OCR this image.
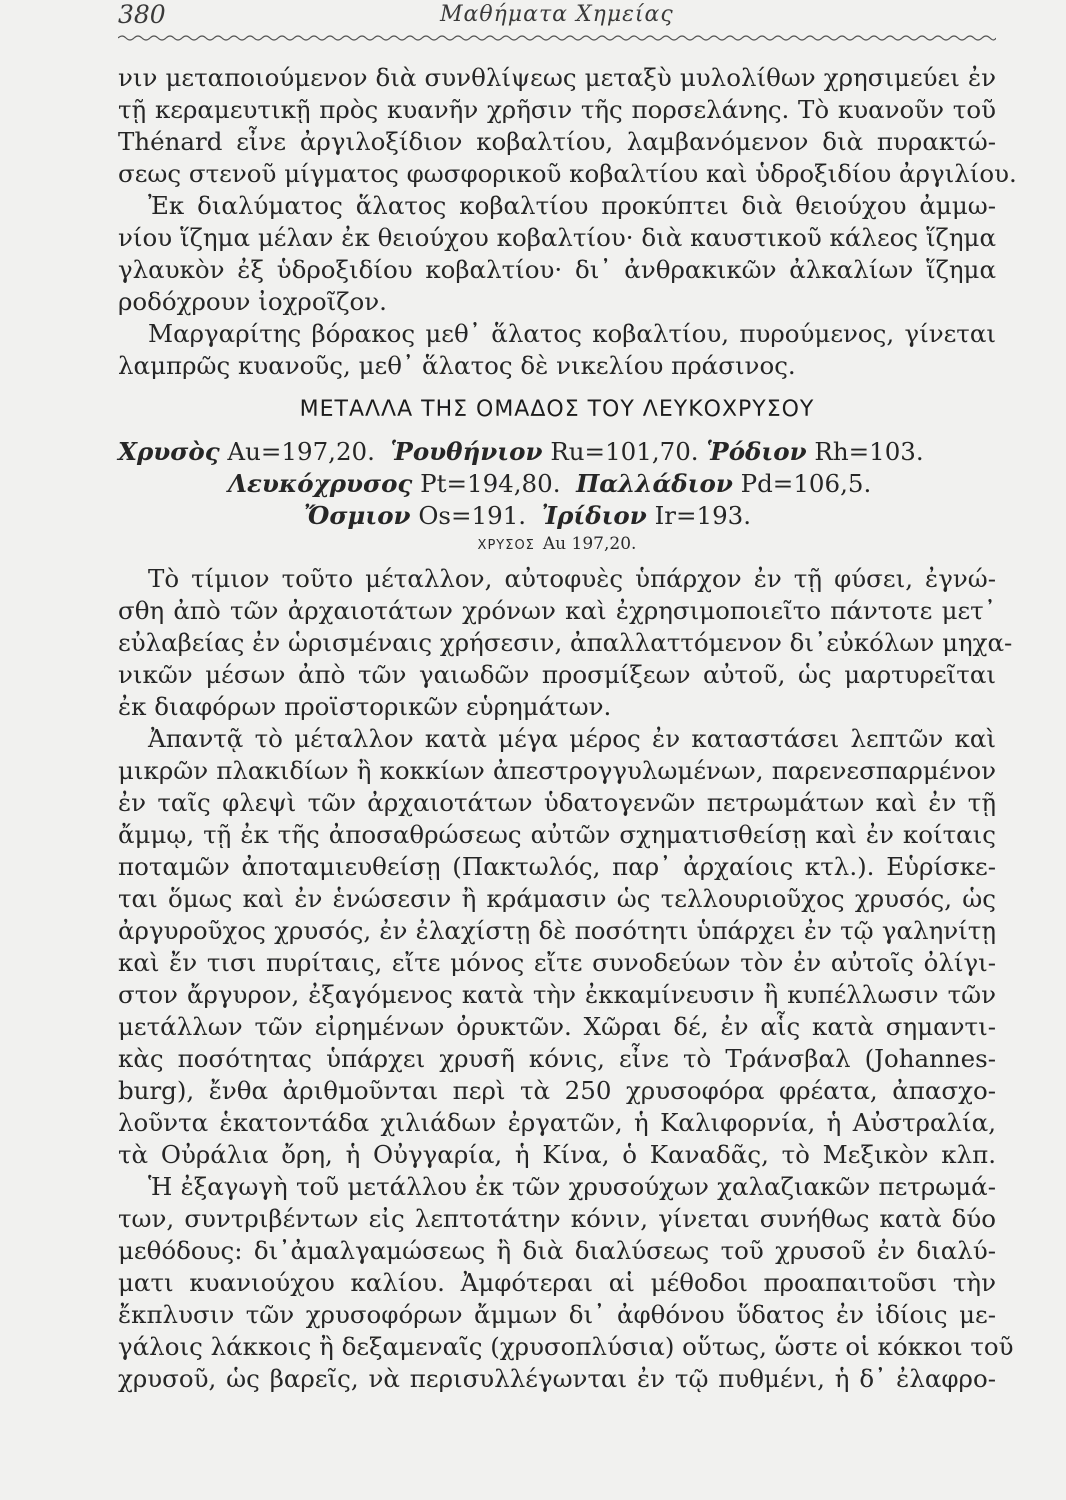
380	Μαθήματα Χημείας
νιν μεταποιούμενον διὰ συνθλίψεως μεταξὺ μυλολίθων χρησιμεύει ἐν
τῇ κεραμευτικῇ πρὸς κυανῆν χρῆσιν τῆς πορσελάνης. Τὸ κυανοῦν τοῦ
Thénard εἶνε ἀργιλοξίδιον κοβαλτίου, λαμβανόμενον διὰ πυρακτώ-
σεως στενοῦ μίγματος φωσφορικοῦ κοβαλτίου καὶ ὑδροξιδίου ἀργιλίου.
Ἐκ διαλύματος ἅλατος κοβαλτίου προκύπτει διὰ θειούχου ἀμμω-
νίου ἵζημα μέλαν ἐκ θειούχου κοβαλτίου· διὰ καυστικοῦ κάλεος ἵζημα
γλαυκὸν ἐξ ὑδροξιδίου κοβαλτίου· δι᾽ ἀνθρακικῶν ἀλκαλίων ἵζημα
ροδόχρουν ἰοχροῖζον.
Μαργαρίτης βόρακος μεθ᾽ ἅλατος κοβαλτίου, πυρούμενος, γίνεται
λαμπρῶς κυανοῦς, μεθ᾽ ἅλατος δὲ νικελίου πράσινος.
ΜΕΤΑΛΛΑ ΤΗΣ ΟΜΑΔΟΣ ΤΟΥ ΛΕΥΚΟΧΡΥΣΟΥ
Χρυσὸς Au=197,20. Ῥουθήνιον Ru=101,70. Ῥόδιον Rh=103.
Λευκόχρυσος Pt=194,80. Παλλάδιον Pd=106,5.
Ὄσμιον Os=191. Ἰρίδιον Ir=193.
ΧΡΥΣΟΣ Au 197,20.
Τὸ τίμιον τοῦτο μέταλλον, αὐτοφυὲς ὑπάρχον ἐν τῇ φύσει, ἐγνώ-
σθη ἀπὸ τῶν ἀρχαιοτάτων χρόνων καὶ ἐχρησιμοποιεῖτο πάντοτε μετ᾽
εὐλαβείας ἐν ὡρισμέναις χρήσεσιν, ἀπαλλαττόμενον δι᾽εὐκόλων μηχα-
νικῶν μέσων ἀπὸ τῶν γαιωδῶν προσμίξεων αὐτοῦ, ὡς μαρτυρεῖται
ἐκ διαφόρων προϊστορικῶν εὑρημάτων.
Ἀπαντᾷ τὸ μέταλλον κατὰ μέγα μέρος ἐν καταστάσει λεπτῶν καὶ
μικρῶν πλακιδίων ἢ κοκκίων ἀπεστρογγυλωμένων, παρενεσπαρμένον
ἐν ταῖς φλεψὶ τῶν ἀρχαιοτάτων ὑδατογενῶν πετρωμάτων καὶ ἐν τῇ
ἄμμῳ, τῇ ἐκ τῆς ἀποσαθρώσεως αὐτῶν σχηματισθείσῃ καὶ ἐν κοίταις
ποταμῶν ἀποταμιευθείσῃ (Πακτωλός, παρ᾽ ἀρχαίοις κτλ.). Εὑρίσκε-
ται ὅμως καὶ ἐν ἑνώσεσιν ἢ κράμασιν ὡς τελλουριοῦχος χρυσός, ὡς
ἀργυροῦχος χρυσός, ἐν ἐλαχίστῃ δὲ ποσότητι ὑπάρχει ἐν τῷ γαληνίτῃ
καὶ ἔν τισι πυρίταις, εἴτε μόνος εἴτε συνοδεύων τὸν ἐν αὐτοῖς ὀλίγι-
στον ἄργυρον, ἐξαγόμενος κατὰ τὴν ἐκκαμίνευσιν ἢ κυπέλλωσιν τῶν
μετάλλων τῶν εἰρημένων ὀρυκτῶν. Χῶραι δέ, ἐν αἷς κατὰ σημαντι-
κὰς ποσότητας ὑπάρχει χρυσῆ κόνις, εἶνε τὸ Τράνσβαλ (Johannes-
burg), ἔνθα ἀριθμοῦνται περὶ τὰ 250 χρυσοφόρα φρέατα, ἀπασχο-
λοῦντα ἑκατοντάδα χιλιάδων ἐργατῶν, ἡ Καλιφορνία, ἡ Αὐστραλία,
τὰ Οὐράλια ὄρη, ἡ Οὐγγαρία, ἡ Κίνα, ὁ Καναδᾶς, τὸ Μεξικὸν κλπ.
Ἡ ἐξαγωγὴ τοῦ μετάλλου ἐκ τῶν χρυσούχων χαλαζιακῶν πετρωμά-
των, συντριβέντων εἰς λεπτοτάτην κόνιν, γίνεται συνήθως κατὰ δύο
μεθόδους: δι᾽ἀμαλγαμώσεως ἢ διὰ διαλύσεως τοῦ χρυσοῦ ἐν διαλύ-
ματι κυανιούχου καλίου. Ἀμφότεραι αἱ μέθοδοι προαπαιτοῦσι τὴν
ἔκπλυσιν τῶν χρυσοφόρων ἄμμων δι᾽ ἀφθόνου ὕδατος ἐν ἰδίοις με-
γάλοις λάκκοις ἢ δεξαμεναῖς (χρυσοπλύσια) οὕτως, ὥστε οἱ κόκκοι τοῦ
χρυσοῦ, ὡς βαρεῖς, νὰ περισυλλέγωνται ἐν τῷ πυθμένι, ἡ δ᾽ ἐλαφρο-
